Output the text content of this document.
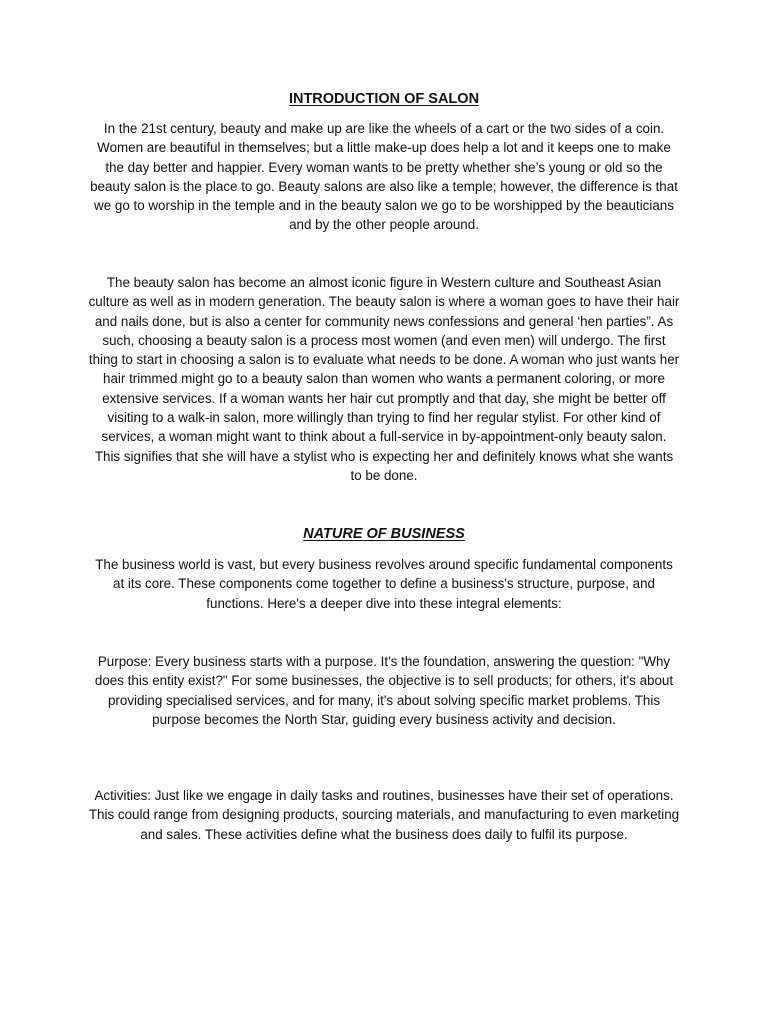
INTRODUCTION OF SALON

In the 21st century, beauty and make up are like the wheels of a cart or the two sides of a coin. Women are beautiful in themselves; but a little make-up does help a lot and it keeps one to make the day better and happier. Every woman wants to be pretty whether she’s young or old so the beauty salon is the place to go. Beauty salons are also like a temple; however, the difference is that we go to worship in the temple and in the beauty salon we go to be worshipped by the beauticians and by the other people around.

The beauty salon has become an almost iconic figure in Western culture and Southeast Asian culture as well as in modern generation. The beauty salon is where a woman goes to have their hair and nails done, but is also a center for community news confessions and general ‘hen parties”. As such, choosing a beauty salon is a process most women (and even men) will undergo. The first thing to start in choosing a salon is to evaluate what needs to be done. A woman who just wants her hair trimmed might go to a beauty salon than women who wants a permanent coloring, or more extensive services. If a woman wants her hair cut promptly and that day, she might be better off visiting to a walk-in salon, more willingly than trying to find her regular stylist. For other kind of services, a woman might want to think about a full-service in by-appointment-only beauty salon. This signifies that she will have a stylist who is expecting her and definitely knows what she wants to be done.

NATURE OF BUSINESS

The business world is vast, but every business revolves around specific fundamental components at its core. These components come together to define a business's structure, purpose, and functions. Here's a deeper dive into these integral elements:

Purpose: Every business starts with a purpose. It's the foundation, answering the question: "Why does this entity exist?" For some businesses, the objective is to sell products; for others, it's about providing specialised services, and for many, it's about solving specific market problems. This purpose becomes the North Star, guiding every business activity and decision.

Activities: Just like we engage in daily tasks and routines, businesses have their set of operations. This could range from designing products, sourcing materials, and manufacturing to even marketing and sales. These activities define what the business does daily to fulfil its purpose.
